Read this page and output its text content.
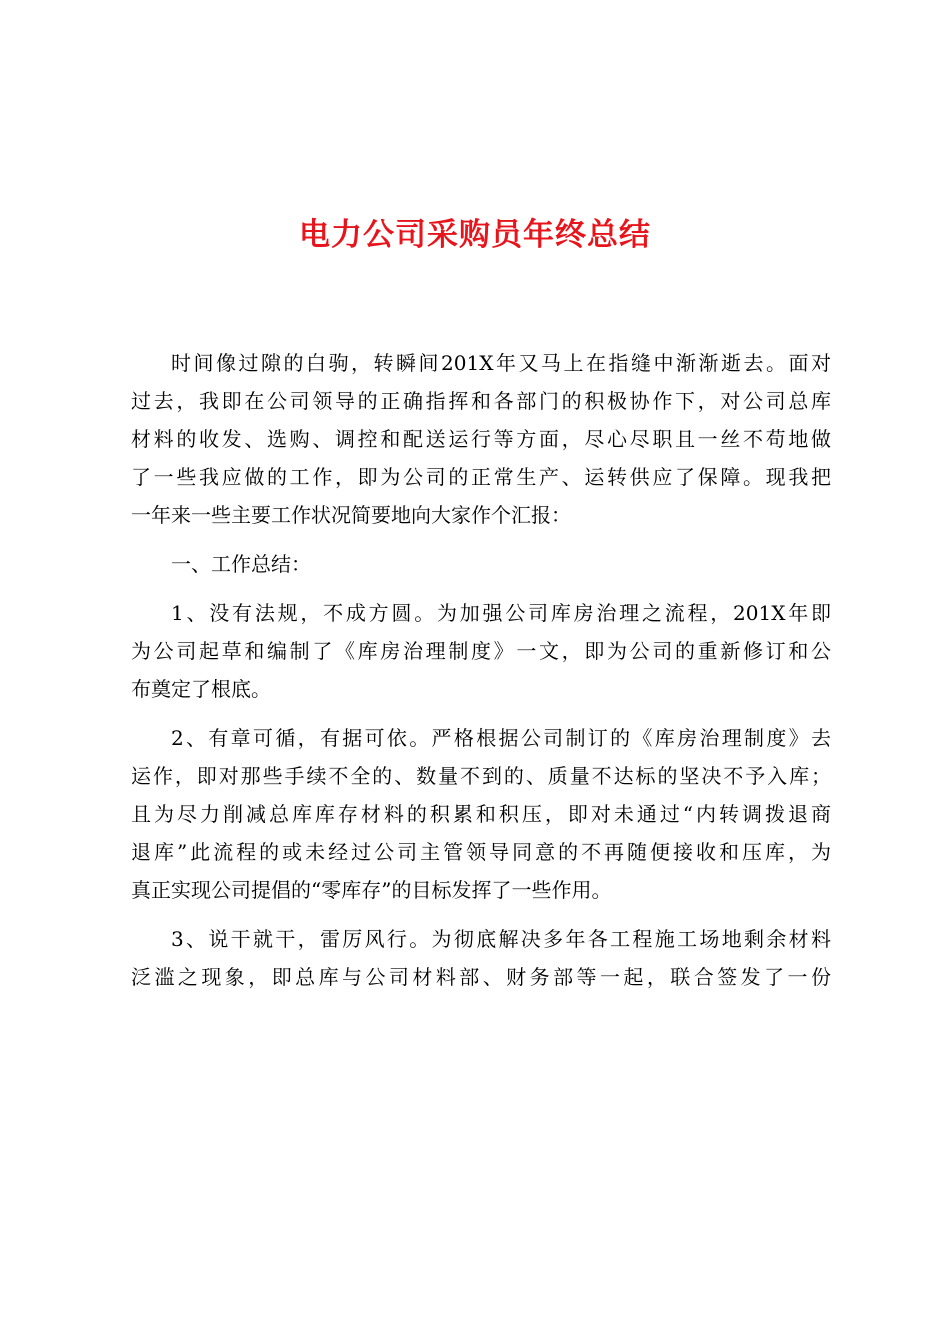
电力公司采购员年终总结
时间像过隙的白驹，转瞬间201X年又马上在指缝中渐渐逝去。面对
过去，我即在公司领导的正确指挥和各部门的积极协作下，对公司总库
材料的收发、选购、调控和配送运行等方面，尽心尽职且一丝不苟地做
了一些我应做的工作，即为公司的正常生产、运转供应了保障。现我把
一年来一些主要工作状况简要地向大家作个汇报：
一、工作总结：
1、没有法规，不成方圆。为加强公司库房治理之流程，201X年即
为公司起草和编制了《库房治理制度》一文，即为公司的重新修订和公
布奠定了根底。
2、有章可循，有据可依。严格根据公司制订的《库房治理制度》去
运作，即对那些手续不全的、数量不到的、质量不达标的坚决不予入库；
且为尽力削减总库库存材料的积累和积压，即对未通过“内转调拨退商
退库”此流程的或未经过公司主管领导同意的不再随便接收和压库，为
真正实现公司提倡的“零库存”的目标发挥了一些作用。
3、说干就干，雷厉风行。为彻底解决多年各工程施工场地剩余材料
泛滥之现象，即总库与公司材料部、财务部等一起，联合签发了一份
